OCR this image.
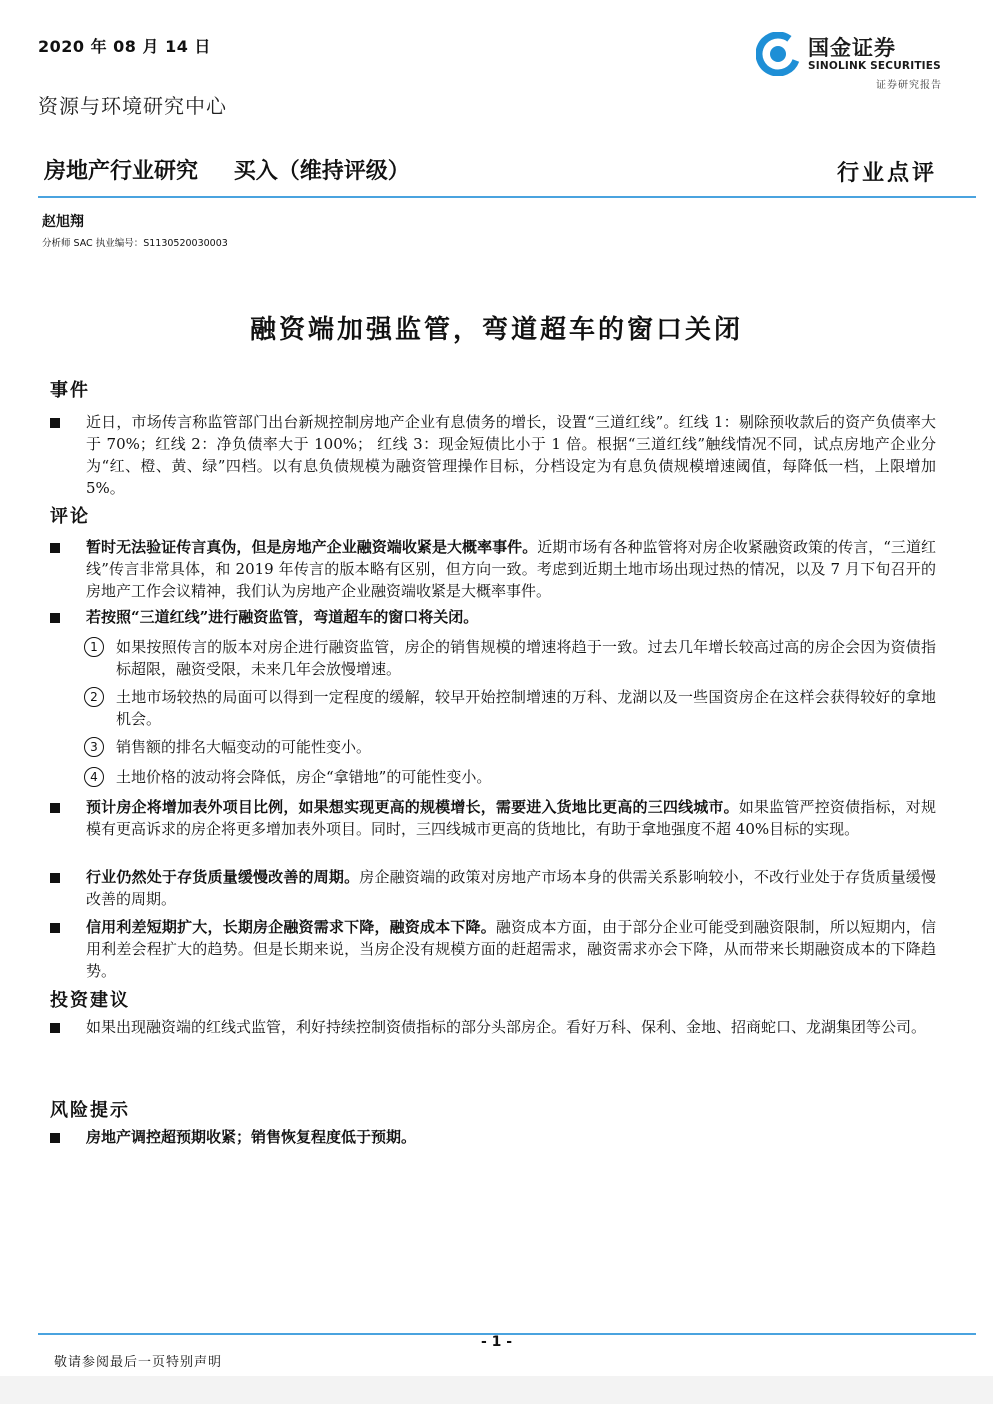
2020 年 08 月 14 日
资源与环境研究中心
国金证券
SINOLINK SECURITIES
证券研究报告
房地产行业研究 买入（维持评级）	行业点评
赵旭翔
分析师 SAC 执业编号：S1130520030003
融资端加强监管，弯道超车的窗口关闭
事件
近日，市场传言称监管部门出台新规控制房地产企业有息债务的增长，设置“三道红线”。红线 1：剔除预收款后的资产负债率大于 70%；红线 2：净负债率大于 100%； 红线 3：现金短债比小于 1 倍。根据“三道红线”触线情况不同，试点房地产企业分为“红、橙、黄、绿”四档。以有息负债规模为融资管理操作目标，分档设定为有息负债规模增速阈值，每降低一档，上限增加 5%。
评论
暂时无法验证传言真伪，但是房地产企业融资端收紧是大概率事件。近期市场有各种监管将对房企收紧融资政策的传言，“三道红线”传言非常具体，和 2019 年传言的版本略有区别，但方向一致。考虑到近期土地市场出现过热的情况，以及 7 月下旬召开的房地产工作会议精神，我们认为房地产企业融资端收紧是大概率事件。
若按照“三道红线”进行融资监管，弯道超车的窗口将关闭。
1	如果按照传言的版本对房企进行融资监管，房企的销售规模的增速将趋于一致。过去几年增长较高过高的房企会因为资债指标超限，融资受限，未来几年会放慢增速。
2	土地市场较热的局面可以得到一定程度的缓解，较早开始控制增速的万科、龙湖以及一些国资房企在这样会获得较好的拿地机会。
3	销售额的排名大幅变动的可能性变小。
4	土地价格的波动将会降低，房企“拿错地”的可能性变小。
预计房企将增加表外项目比例，如果想实现更高的规模增长，需要进入货地比更高的三四线城市。如果监管严控资债指标，对规模有更高诉求的房企将更多增加表外项目。同时，三四线城市更高的货地比，有助于拿地强度不超 40%目标的实现。
行业仍然处于存货质量缓慢改善的周期。房企融资端的政策对房地产市场本身的供需关系影响较小，不改行业处于存货质量缓慢改善的周期。
信用利差短期扩大，长期房企融资需求下降，融资成本下降。融资成本方面，由于部分企业可能受到融资限制，所以短期内，信用利差会程扩大的趋势。但是长期来说，当房企没有规模方面的赶超需求，融资需求亦会下降，从而带来长期融资成本的下降趋势。
投资建议
如果出现融资端的红线式监管，利好持续控制资债指标的部分头部房企。看好万科、保利、金地、招商蛇口、龙湖集团等公司。
风险提示
房地产调控超预期收紧；销售恢复程度低于预期。
- 1 -
敬请参阅最后一页特别声明
